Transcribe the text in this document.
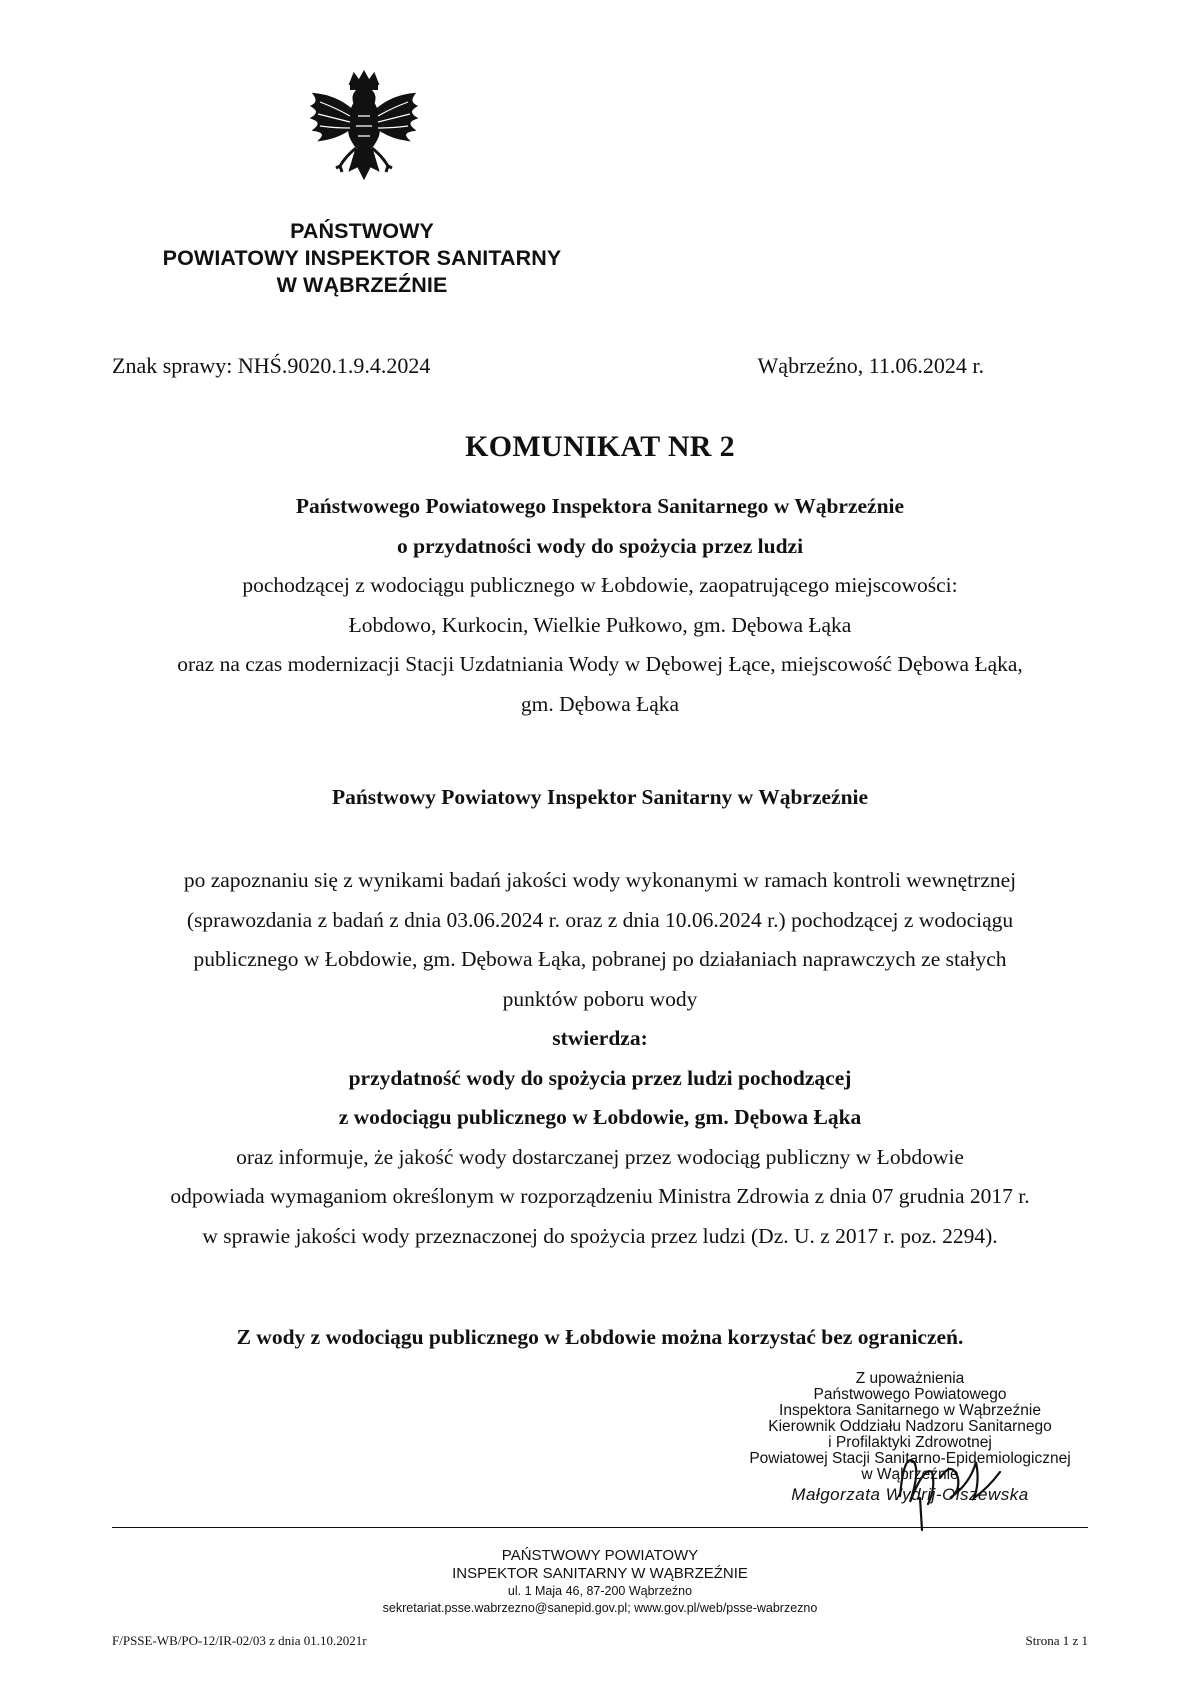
PAŃSTWOWY
POWIATOWY INSPEKTOR SANITARNY
W WĄBRZEŹNIE
Znak sprawy: NHŚ.9020.1.9.4.2024	Wąbrzeźno, 11.06.2024 r.
KOMUNIKAT NR 2
Państwowego Powiatowego Inspektora Sanitarnego w Wąbrzeźnie
o przydatności wody do spożycia przez ludzi
pochodzącej z wodociągu publicznego w Łobdowie, zaopatrującego miejscowości:
Łobdowo, Kurkocin, Wielkie Pułkowo, gm. Dębowa Łąka
oraz na czas modernizacji Stacji Uzdatniania Wody w Dębowej Łące, miejscowość Dębowa Łąka,
gm. Dębowa Łąka
Państwowy Powiatowy Inspektor Sanitarny w Wąbrzeźnie
po zapoznaniu się z wynikami badań jakości wody wykonanymi w ramach kontroli wewnętrznej
(sprawozdania z badań z dnia 03.06.2024 r. oraz z dnia 10.06.2024 r.) pochodzącej z wodociągu
publicznego w Łobdowie, gm. Dębowa Łąka, pobranej po działaniach naprawczych ze stałych
punktów poboru wody
stwierdza:
przydatność wody do spożycia przez ludzi pochodzącej
z wodociągu publicznego w Łobdowie, gm. Dębowa Łąka
oraz informuje, że jakość wody dostarczanej przez wodociąg publiczny w Łobdowie
odpowiada wymaganiom określonym w rozporządzeniu Ministra Zdrowia z dnia 07 grudnia 2017 r.
w sprawie jakości wody przeznaczonej do spożycia przez ludzi (Dz. U. z 2017 r. poz. 2294).
Z wody z wodociągu publicznego w Łobdowie można korzystać bez ograniczeń.
Z upoważnienia
Państwowego Powiatowego
Inspektora Sanitarnego w Wąbrzeźnie
Kierownik Oddziału Nadzoru Sanitarnego
i Profilaktyki Zdrowotnej
Powiatowej Stacji Sanitarno-Epidemiologicznej
w Wąbrzeźnie
Małgorzata Wydrij-Olszewska
PAŃSTWOWY POWIATOWY
INSPEKTOR SANITARNY W WĄBRZEŹNIE
ul. 1 Maja 46, 87-200 Wąbrzeźno
sekretariat.psse.wabrzezno@sanepid.gov.pl; www.gov.pl/web/psse-wabrzezno
F/PSSE-WB/PO-12/IR-02/03 z dnia 01.10.2021r	Strona 1 z 1
